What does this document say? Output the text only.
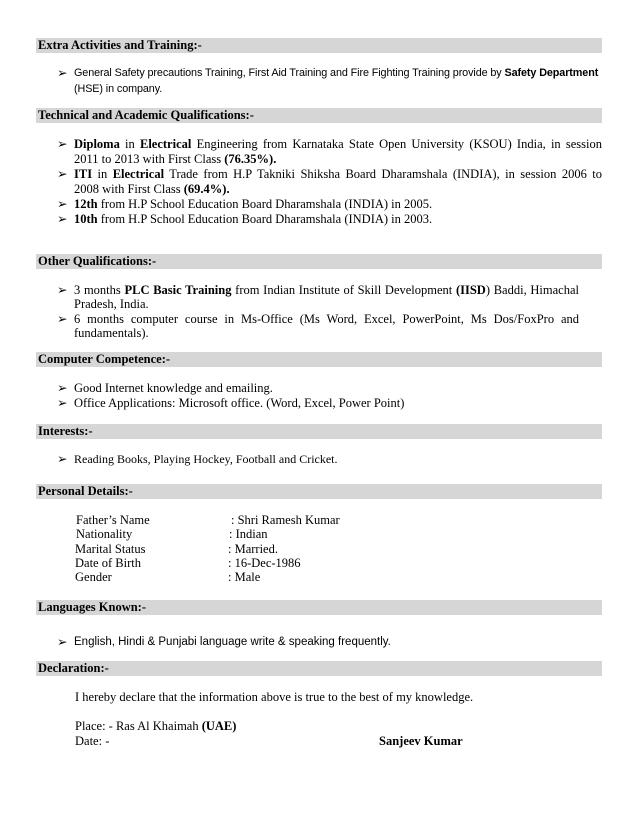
Extra Activities and Training:-
➢ General Safety precautions Training, First Aid Training and Fire Fighting Training provide by Safety Department
(HSE) in company.
Technical and Academic Qualifications:-
➢ Diploma in Electrical Engineering from Karnataka State Open University (KSOU) India, in session
2011 to 2013 with First Class (76.35%).
➢ ITI in Electrical Trade from H.P Takniki Shiksha Board Dharamshala (INDIA), in session 2006 to
2008 with First Class (69.4%).
➢ 12th from H.P School Education Board Dharamshala (INDIA) in 2005.
➢ 10th from H.P School Education Board Dharamshala (INDIA) in 2003.
Other Qualifications:-
➢ 3 months PLC Basic Training from Indian Institute of Skill Development (IISD) Baddi, Himachal
Pradesh, India.
➢ 6 months computer course in Ms-Office (Ms Word, Excel, PowerPoint, Ms Dos/FoxPro and
fundamentals).
Computer Competence:-
➢ Good Internet knowledge and emailing.
➢ Office Applications: Microsoft office. (Word, Excel, Power Point)
Interests:-
➢ Reading Books, Playing Hockey, Football and Cricket.
Personal Details:-
Father’s Name	: Shri Ramesh Kumar
Nationality	: Indian
Marital Status	: Married.
Date of Birth	: 16-Dec-1986
Gender	: Male
Languages Known:-
➢ English, Hindi & Punjabi language write & speaking frequently.
Declaration:-
I hereby declare that the information above is true to the best of my knowledge.
Place: - Ras Al Khaimah (UAE)
Date: -	Sanjeev Kumar
